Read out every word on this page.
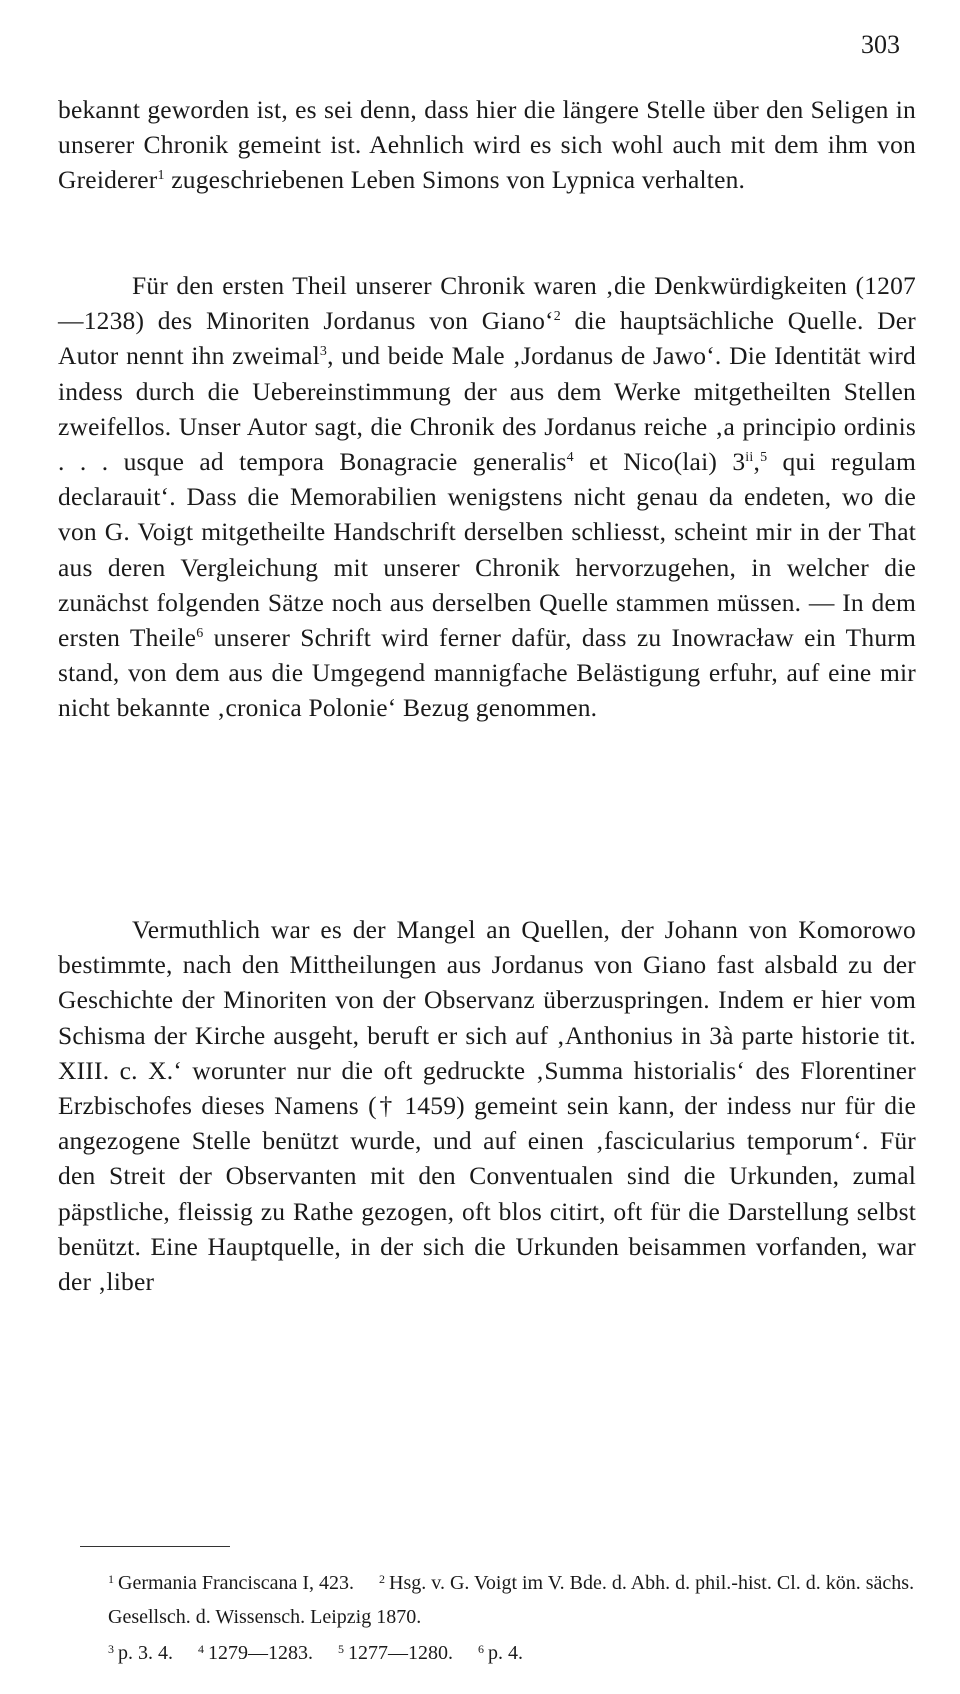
303

bekannt geworden ist, es sei denn, dass hier die längere Stelle über den Seligen in unserer Chronik gemeint ist. Aehnlich wird es sich wohl auch mit dem ihm von Greiderer$^1$ zugeschriebenen Leben Simons von Lypnica verhalten.

Für den ersten Theil unserer Chronik waren ‚die Denkwürdigkeiten (1207—1238) des Minoriten Jordanus von Giano‘$^2$ die hauptsächliche Quelle. Der Autor nennt ihn zweimal$^3$, und beide Male ‚Jordanus de Jawo‘. Die Identität wird indess durch die Uebereinstimmung der aus dem Werke mitgetheilten Stellen zweifellos. Unser Autor sagt, die Chronik des Jordanus reiche ‚a principio ordinis . . . usque ad tempora Bonagracie generalis$^4$ et Nico(lai) 3$^{ii}$,$^5$ qui regulam declarauit‘. Dass die Memorabilien wenigstens nicht genau da endeten, wo die von G. Voigt mitgetheilte Handschrift derselben schliesst, scheint mir in der That aus deren Vergleichung mit unserer Chronik hervorzugehen, in welcher die zunächst folgenden Sätze noch aus derselben Quelle stammen müssen. — In dem ersten Theile$^6$ unserer Schrift wird ferner dafür, dass zu Inowracław ein Thurm stand, von dem aus die Umgegend mannigfache Belästigung erfuhr, auf eine mir nicht bekannte ‚cronica Polonie‘ Bezug genommen.

Vermuthlich war es der Mangel an Quellen, der Johann von Komorowo bestimmte, nach den Mittheilungen aus Jordanus von Giano fast alsbald zu der Geschichte der Minoriten von der Observanz überzuspringen. Indem er hier vom Schisma der Kirche ausgeht, beruft er sich auf ‚Anthonius in 3à parte historie tit. XIII. c. X.‘ worunter nur die oft gedruckte ‚Summa historialis‘ des Florentiner Erzbischofes dieses Namens († 1459) gemeint sein kann, der indess nur für die angezogene Stelle benützt wurde, und auf einen ‚fascicularius temporum‘. Für den Streit der Observanten mit den Conventualen sind die Urkunden, zumal päpstliche, fleissig zu Rathe gezogen, oft blos citirt, oft für die Darstellung selbst benützt. Eine Hauptquelle, in der sich die Urkunden beisammen vorfanden, war der ‚liber

$^1$ Germania Franciscana I, 423. $^2$ Hsg. v. G. Voigt im V. Bde. d. Abh. d. phil.-hist. Cl. d. kön. sächs. Gesellsch. d. Wissensch. Leipzig 1870.
$^3$ p. 3. 4. $^4$ 1279—1283. $^5$ 1277—1280. $^6$ p. 4.
